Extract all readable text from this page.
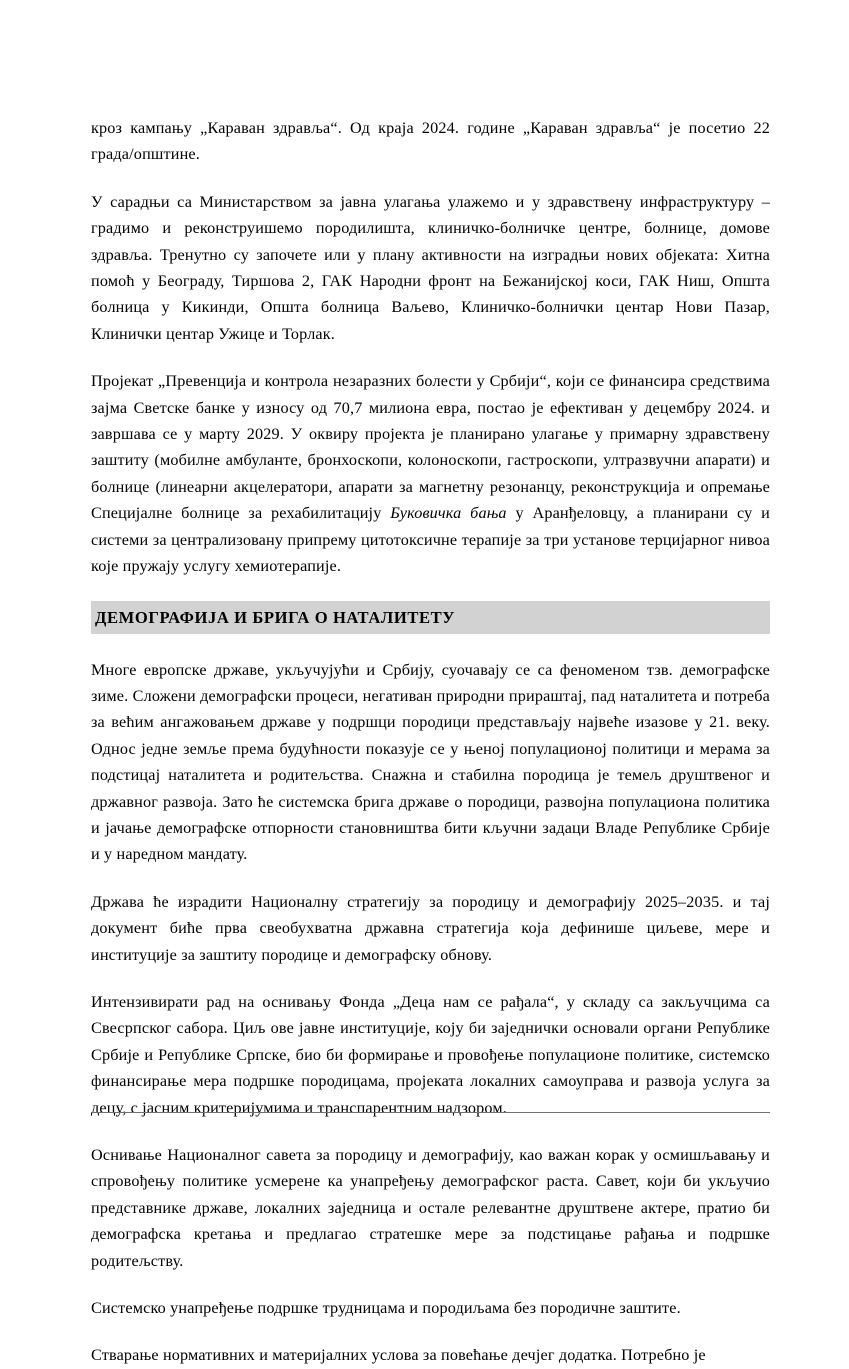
кроз кампању „Караван здравља“. Од краја 2024. године „Караван здравља“ је посетио 22 града/општине.

У сарадњи са Министарством за јавна улагања улажемо и у здравствену инфраструктуру – градимо и реконструишемо породилишта, клиничко-болничке центре, болнице, домове здравља. Тренутно су започете или у плану активности на изградњи нових објеката: Хитна помоћ у Београду, Тиршова 2, ГАК Народни фронт на Бежанијској коси, ГАК Ниш, Општа болница у Кикинди, Општа болница Ваљево, Клиничко-болнички центар Нови Пазар, Клинички центар Ужице и Торлак.

Пројекат „Превенција и контрола незаразних болести у Србији“, који се финансира средствима зајма Светске банке у износу од 70,7 милиона евра, постао је ефективан у децембру 2024. и завршава се у марту 2029. У оквиру пројекта је планирано улагање у примарну здравствену заштиту (мобилне амбуланте, бронхоскопи, колоноскопи, гастроскопи, ултразвучни апарати) и болнице (линеарни акцелератори, апарати за магнетну резонанцу, реконструкција и опремање Специјалне болнице за рехабилитацију Буковичка бања у Аранђеловцу, а планирани су и системи за централизовану припрему цитотоксичне терапије за три установе терцијарног нивоа које пружају услугу хемиотерапије.

ДЕМОГРАФИЈА И БРИГА О НАТАЛИТЕТУ

Многе европске државе, укључујући и Србију, суочавају се са феноменом тзв. демографске зиме. Сложени демографски процеси, негативан природни прираштај, пад наталитета и потреба за већим ангажовањем државе у подршци породици представљају највеће изазове у 21. веку. Однос једне земље према будућности показује се у њеној популационој политици и мерама за подстицај наталитета и родитељства. Снажна и стабилна породица је темељ друштвеног и државног развоја. Зато ће системска брига државе о породици, развојна популациона политика и јачање демографске отпорности становништва бити кључни задаци Владе Републике Србије и у наредном мандату.

Држава ће израдити Националну стратегију за породицу и демографију 2025–2035. и тај документ биће прва свеобухватна државна стратегија која дефинише циљеве, мере и институције за заштиту породице и демографску обнову.

Интензивирати рад на оснивању Фонда „Деца нам се рађала“, у складу са закључцима са Свесрпског сабора. Циљ ове јавне институције, коју би заједнички основали органи Републике Србије и Републике Српске, био би формирање и провођење популационе политике, системско финансирање мера подршке породицама, пројеката локалних самоуправа и развоја услуга за децу, с јасним критеријумима и транспарентним надзором.

Оснивање Националног савета за породицу и демографију, као важан корак у осмишљавању и спровођењу политике усмерене ка унапређењу демографског раста. Савет, који би укључио представнике државе, локалних заједница и остале релевантне друштвене актере, пратио би демографска кретања и предлагао стратешке мере за подстицање рађања и подршке родитељству.

Системско унапређење подршке трудницама и породиљама без породичне заштите.

Стварање нормативних и материјалних услова за повећање дечјег додатка. Потребно је
